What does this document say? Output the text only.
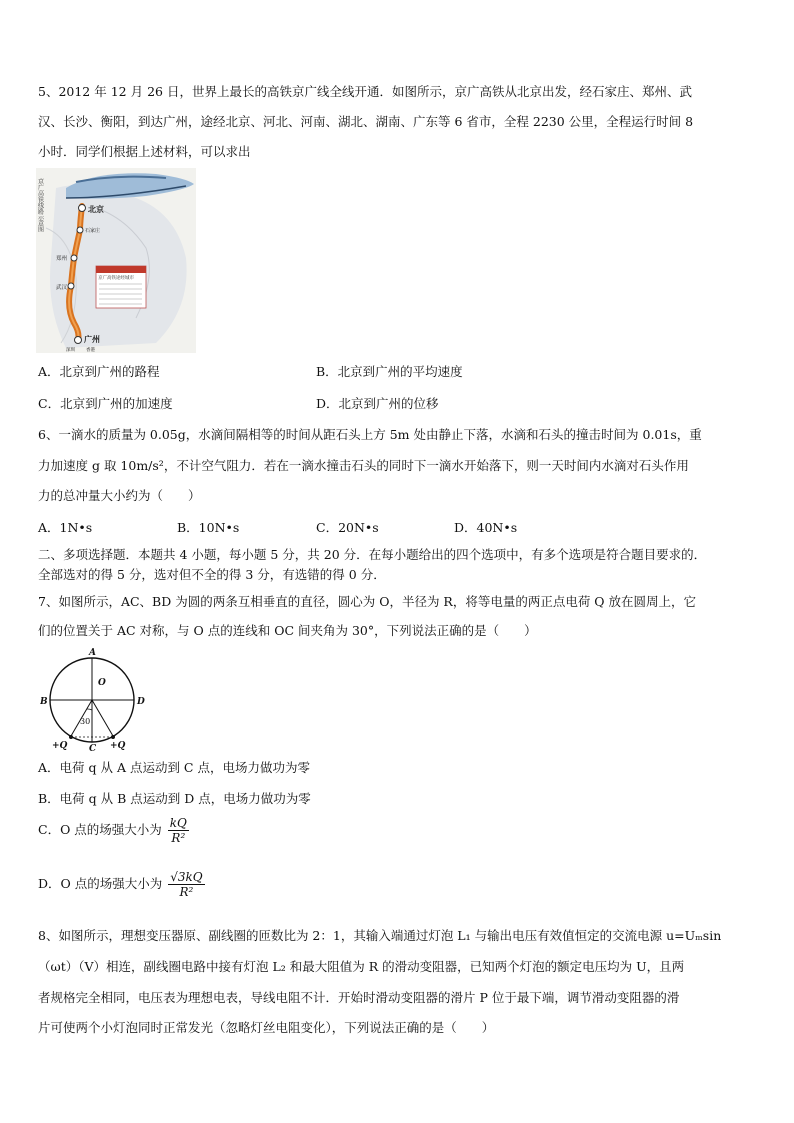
5、2012 年 12 月 26 日，世界上最长的高铁京广线全线开通．如图所示，京广高铁从北京出发，经石家庄、郑州、武
汉、长沙、衡阳，到达广州，途经北京、河北、河南、湖北、湖南、广东等 6 省市，全程 2230 公里，全程运行时间 8
小时．同学们根据上述材料，可以求出
北京
石家庄
郑州
武汉
广州
深圳 香港
京广高铁线路示意图
京广高铁途经城市
A．北京到广州的路程	B．北京到广州的平均速度
C．北京到广州的加速度	D．北京到广州的位移
6、一滴水的质量为 0.05g，水滴间隔相等的时间从距石头上方 5m 处由静止下落，水滴和石头的撞击时间为 0.01s，重
力加速度 g 取 10m/s²，不计空气阻力．若在一滴水撞击石头的同时下一滴水开始落下，则一天时间内水滴对石头作用
力的总冲量大小约为（　　）
A．1N•s	B．10N•s	C．20N•s	D．40N•s
二、多项选择题．本题共 4 小题，每小题 5 分，共 20 分．在每小题给出的四个选项中，有多个选项是符合题目要求的．
全部选对的得 5 分，选对但不全的得 3 分，有选错的得 0 分．
7、如图所示，AC、BD 为圆的两条互相垂直的直径，圆心为 O，半径为 R，将等电量的两正点电荷 Q 放在圆周上，它
们的位置关于 AC 对称，与 O 点的连线和 OC 间夹角为 30°，下列说法正确的是（　　）
A
O
B	D
30
C
+Q	+Q
A．电荷 q 从 A 点运动到 C 点，电场力做功为零
B．电荷 q 从 B 点运动到 D 点，电场力做功为零
C．O 点的场强大小为 $\frac{kQ}{\text{R²}}$
D．O 点的场强大小为 $\frac{√3kQ}{\text{R²}}$
8、如图所示，理想变压器原、副线圈的匝数比为 2：1，其输入端通过灯泡 L₁ 与输出电压有效值恒定的交流电源 u=Uₘsin
（ωt）（V）相连，副线圈电路中接有灯泡 L₂ 和最大阻值为 R 的滑动变阻器，已知两个灯泡的额定电压均为 U，且两
者规格完全相同，电压表为理想电表，导线电阻不计．开始时滑动变阻器的滑片 P 位于最下端，调节滑动变阻器的滑
片可使两个小灯泡同时正常发光（忽略灯丝电阻变化），下列说法正确的是（　　）
